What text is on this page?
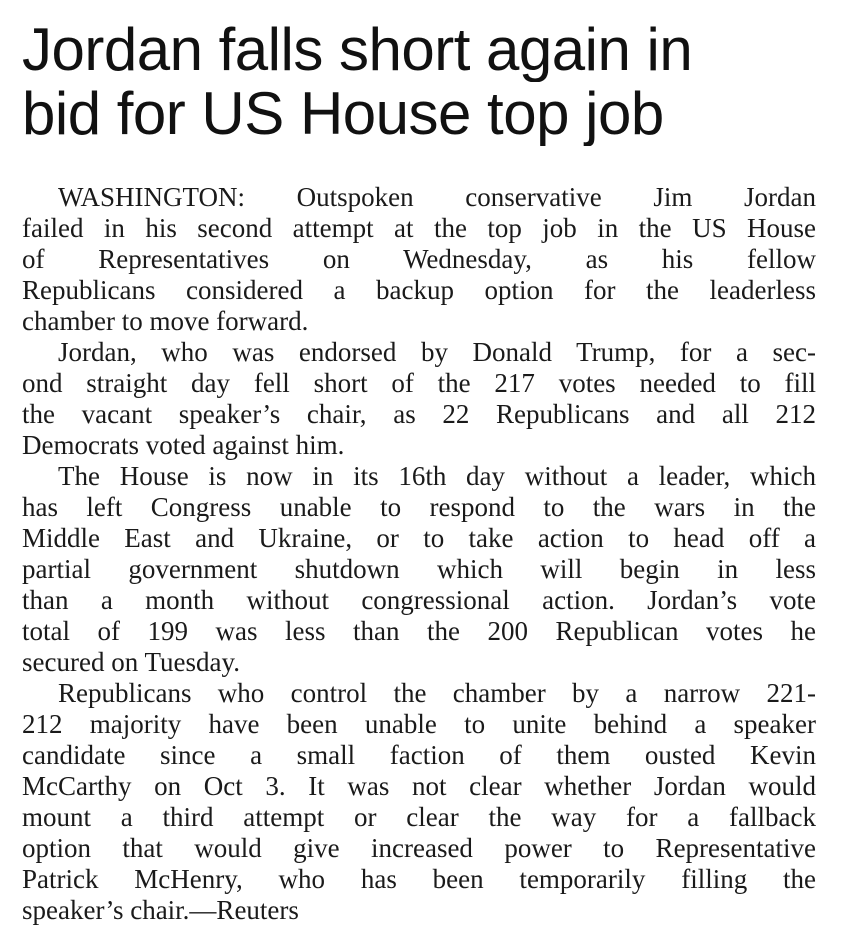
Jordan falls short again in
bid for US House top job

WASHINGTON: Outspoken conservative Jim Jordan
failed in his second attempt at the top job in the US House
of Representatives on Wednesday, as his fellow
Republicans considered a backup option for the leaderless
chamber to move forward.

Jordan, who was endorsed by Donald Trump, for a sec-
ond straight day fell short of the 217 votes needed to fill
the vacant speaker’s chair, as 22 Republicans and all 212
Democrats voted against him.

The House is now in its 16th day without a leader, which
has left Congress unable to respond to the wars in the
Middle East and Ukraine, or to take action to head off a
partial government shutdown which will begin in less
than a month without congressional action. Jordan’s vote
total of 199 was less than the 200 Republican votes he
secured on Tuesday.

Republicans who control the chamber by a narrow 221-
212 majority have been unable to unite behind a speaker
candidate since a small faction of them ousted Kevin
McCarthy on Oct 3. It was not clear whether Jordan would
mount a third attempt or clear the way for a fallback
option that would give increased power to Representative
Patrick McHenry, who has been temporarily filling the
speaker’s chair.—Reuters
